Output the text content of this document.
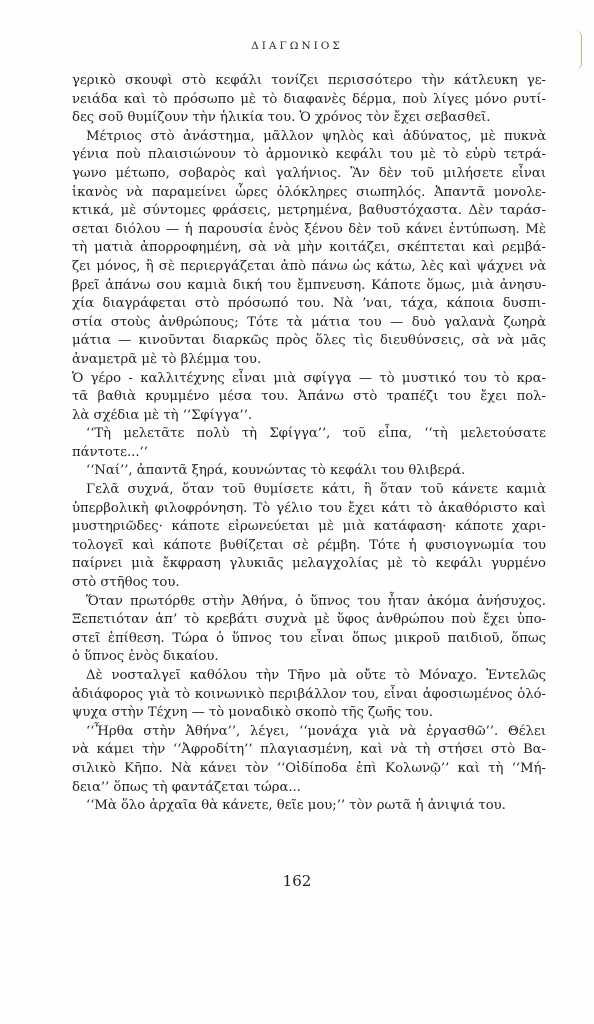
ΔΙΑΓΩΝΙΟΣ
γερικὸ σκουφὶ στὸ κεφάλι τονίζει περισσότερο τὴν κάτλευκη γε-
νειάδα καὶ τὸ πρόσωπο μὲ τὸ διαφανὲς δέρμα, ποὺ λίγες μόνο ρυτί-
δες σοῦ θυμίζουν τὴν ἡλικία του. Ὁ χρόνος τὸν ἔχει σεβασθεῖ.
Μέτριος στὸ ἀνάστημα, μᾶλλον ψηλὸς καὶ ἀδύνατος, μὲ πυκνὰ
γένια ποὺ πλαισιώνουν τὸ ἁρμονικὸ κεφάλι του μὲ τὸ εὐρὺ τετρά-
γωνο μέτωπο, σοβαρὸς καὶ γαλήνιος. Ἂν δὲν τοῦ μιλήσετε εἶναι
ἱκανὸς νὰ παραμείνει ὧρες ὁλόκληρες σιωπηλός. Ἀπαντᾶ μονολε-
κτικά, μὲ σύντομες φράσεις, μετρημένα, βαθυστόχαστα. Δὲν ταράσ-
σεται διόλου — ἡ παρουσία ἑνὸς ξένου δὲν τοῦ κάνει ἐντύπωση. Μὲ
τὴ ματιὰ ἀπορροφημένη, σὰ νὰ μὴν κοιτάζει, σκέπτεται καὶ ρεμβά-
ζει μόνος, ἢ σὲ περιεργάζεται ἀπὸ πάνω ὡς κάτω, λὲς καὶ ψάχνει νὰ
βρεῖ ἀπάνω σου καμιὰ δική του ἔμπνευση. Κάποτε ὅμως, μιὰ ἀνησυ-
χία διαγράφεται στὸ πρόσωπό του. Νὰ ʼναι, τάχα, κάποια δυσπι-
στία στοὺς ἀνθρώπους; Τότε τὰ μάτια του — δυὸ γαλανὰ ζωηρὰ
μάτια — κινοῦνται διαρκῶς πρὸς ὅλες τὶς διευθύνσεις, σὰ νὰ μᾶς
ἀναμετρᾶ μὲ τὸ βλέμμα του.
Ὁ γέρο - καλλιτέχνης εἶναι μιὰ σφίγγα — τὸ μυστικό του τὸ κρα-
τᾶ βαθιὰ κρυμμένο μέσα του. Ἀπάνω στὸ τραπέζι του ἔχει πολ-
λὰ σχέδια μὲ τὴ ‘‘Σφίγγα’’.
‘‘Τὴ μελετᾶτε πολὺ τὴ Σφίγγα’’, τοῦ εἶπα, ‘‘τὴ μελετούσατε
πάντοτε...’’
‘‘Ναί’’, ἀπαντᾶ ξηρά, κουνώντας τὸ κεφάλι του θλιβερά.
Γελᾶ συχνά, ὅταν τοῦ θυμίσετε κάτι, ἢ ὅταν τοῦ κάνετε καμιὰ
ὑπερβολικὴ φιλοφρόνηση. Τὸ γέλιο του ἔχει κάτι τὸ ἀκαθόριστο καὶ
μυστηριῶδες· κάποτε εἰρωνεύεται μὲ μιὰ κατάφαση· κάποτε χαρι-
τολογεῖ καὶ κάποτε βυθίζεται σὲ ρέμβη. Τότε ἡ φυσιογνωμία του
παίρνει μιὰ ἔκφραση γλυκιᾶς μελαγχολίας μὲ τὸ κεφάλι γυρμένο
στὸ στῆθος του.
Ὅταν πρωτόρθε στὴν Ἀθήνα, ὁ ὕπνος του ἦταν ἀκόμα ἀνήσυχος.
Ξεπετιόταν ἀπʼ τὸ κρεβάτι συχνὰ μὲ ὕφος ἀνθρώπου ποὺ ἔχει ὑπο-
στεῖ ἐπίθεση. Τώρα ὁ ὕπνος του εἶναι ὅπως μικροῦ παιδιοῦ, ὅπως
ὁ ὕπνος ἑνὸς δικαίου.
Δὲ νοσταλγεῖ καθόλου τὴν Τῆνο μὰ οὔτε τὸ Μόναχο. Ἐντελῶς
ἀδιάφορος γιὰ τὸ κοινωνικὸ περιβάλλον του, εἶναι ἀφοσιωμένος ὁλό-
ψυχα στὴν Τέχνη — τὸ μοναδικὸ σκοπὸ τῆς ζωῆς του.
‘‘Ἦρθα στὴν Ἀθήνα’’, λέγει, ‘‘μονάχα γιὰ νὰ ἐργασθῶ’’. Θέλει
νὰ κάμει τὴν ‘‘Ἀφροδίτη’’ πλαγιασμένη, καὶ νὰ τὴ στήσει στὸ Βα-
σιλικὸ Κῆπο. Νὰ κάνει τὸν ‘‘Οἰδίποδα ἐπὶ Κολωνῷ’’ καὶ τὴ ‘‘Μή-
δεια’’ ὅπως τὴ φαντάζεται τώρα...
‘‘Μὰ ὅλο ἀρχαῖα θὰ κάνετε, θεῖε μου;’’ τὸν ρωτᾶ ἡ ἀνιψιά του.
162
